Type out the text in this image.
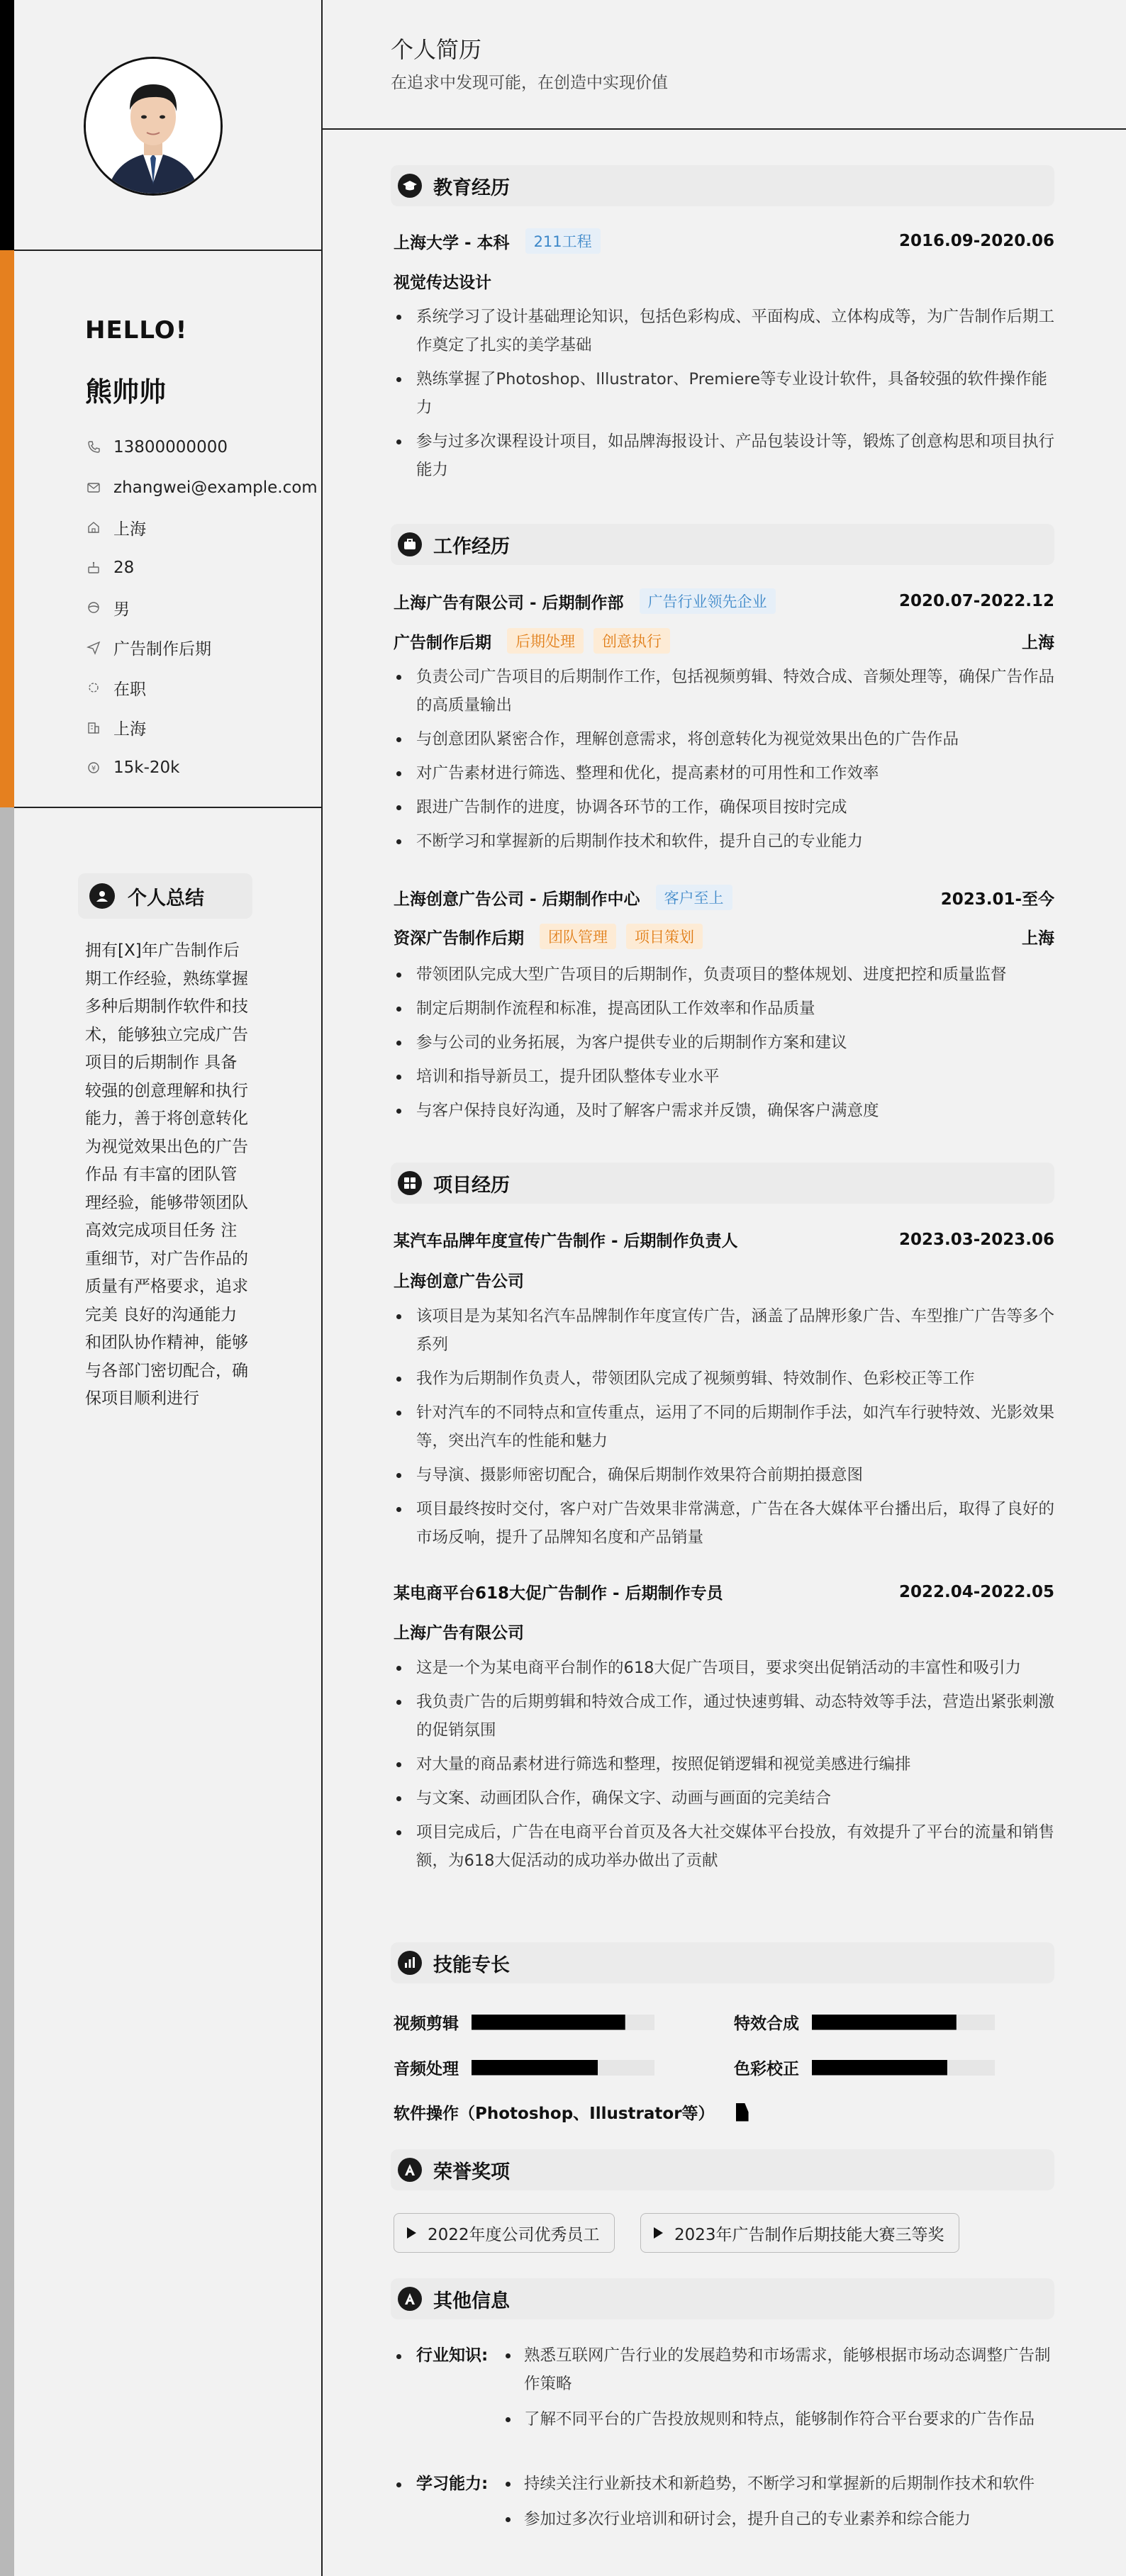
HELLO!
熊帅帅
13800000000
zhangwei@example.com
上海
28
男
广告制作后期
在职
上海
¥ 15k-20k
个人总结
拥有[X]年广告制作后期工作经验，熟练掌握多种后期制作软件和技术，能够独立完成广告项目的后期制作 具备较强的创意理解和执行能力，善于将创意转化为视觉效果出色的广告作品 有丰富的团队管理经验，能够带领团队高效完成项目任务 注重细节，对广告作品的质量有严格要求，追求完美 良好的沟通能力和团队协作精神，能够与各部门密切配合，确保项目顺利进行
个人简历
在追求中发现可能，在创造中实现价值
教育经历
上海大学 - 本科	211工程	2016.09-2020.06
视觉传达设计
系统学习了设计基础理论知识，包括色彩构成、平面构成、立体构成等，为广告制作后期工作奠定了扎实的美学基础
熟练掌握了Photoshop、Illustrator、Premiere等专业设计软件，具备较强的软件操作能力
参与过多次课程设计项目，如品牌海报设计、产品包装设计等，锻炼了创意构思和项目执行能力
工作经历
上海广告有限公司 - 后期制作部	广告行业领先企业	2020.07-2022.12
广告制作后期	后期处理	创意执行	上海
负责公司广告项目的后期制作工作，包括视频剪辑、特效合成、音频处理等，确保广告作品的高质量输出
与创意团队紧密合作，理解创意需求，将创意转化为视觉效果出色的广告作品
对广告素材进行筛选、整理和优化，提高素材的可用性和工作效率
跟进广告制作的进度，协调各环节的工作，确保项目按时完成
不断学习和掌握新的后期制作技术和软件，提升自己的专业能力
上海创意广告公司 - 后期制作中心	客户至上	2023.01-至今
资深广告制作后期	团队管理	项目策划	上海
带领团队完成大型广告项目的后期制作，负责项目的整体规划、进度把控和质量监督
制定后期制作流程和标准，提高团队工作效率和作品质量
参与公司的业务拓展，为客户提供专业的后期制作方案和建议
培训和指导新员工，提升团队整体专业水平
与客户保持良好沟通，及时了解客户需求并反馈，确保客户满意度
项目经历
某汽车品牌年度宣传广告制作 - 后期制作负责人	2023.03-2023.06
上海创意广告公司
该项目是为某知名汽车品牌制作年度宣传广告，涵盖了品牌形象广告、车型推广广告等多个系列
我作为后期制作负责人，带领团队完成了视频剪辑、特效制作、色彩校正等工作
针对汽车的不同特点和宣传重点，运用了不同的后期制作手法，如汽车行驶特效、光影效果等，突出汽车的性能和魅力
与导演、摄影师密切配合，确保后期制作效果符合前期拍摄意图
项目最终按时交付，客户对广告效果非常满意，广告在各大媒体平台播出后，取得了良好的市场反响，提升了品牌知名度和产品销量
某电商平台618大促广告制作 - 后期制作专员	2022.04-2022.05
上海广告有限公司
这是一个为某电商平台制作的618大促广告项目，要求突出促销活动的丰富性和吸引力
我负责广告的后期剪辑和特效合成工作，通过快速剪辑、动态特效等手法，营造出紧张刺激的促销氛围
对大量的商品素材进行筛选和整理，按照促销逻辑和视觉美感进行编排
与文案、动画团队合作，确保文字、动画与画面的完美结合
项目完成后，广告在电商平台首页及各大社交媒体平台投放，有效提升了平台的流量和销售额，为618大促活动的成功举办做出了贡献
技能专长
视频剪辑	特效合成
音频处理	色彩校正
软件操作（Photoshop、Illustrator等）
荣誉奖项
2022年度公司优秀员工	2023年广告制作后期技能大赛三等奖
其他信息
行业知识:	熟悉互联网广告行业的发展趋势和市场需求，能够根据市场动态调整广告制作策略
了解不同平台的广告投放规则和特点，能够制作符合平台要求的广告作品
学习能力:	持续关注行业新技术和新趋势，不断学习和掌握新的后期制作技术和软件
参加过多次行业培训和研讨会，提升自己的专业素养和综合能力
